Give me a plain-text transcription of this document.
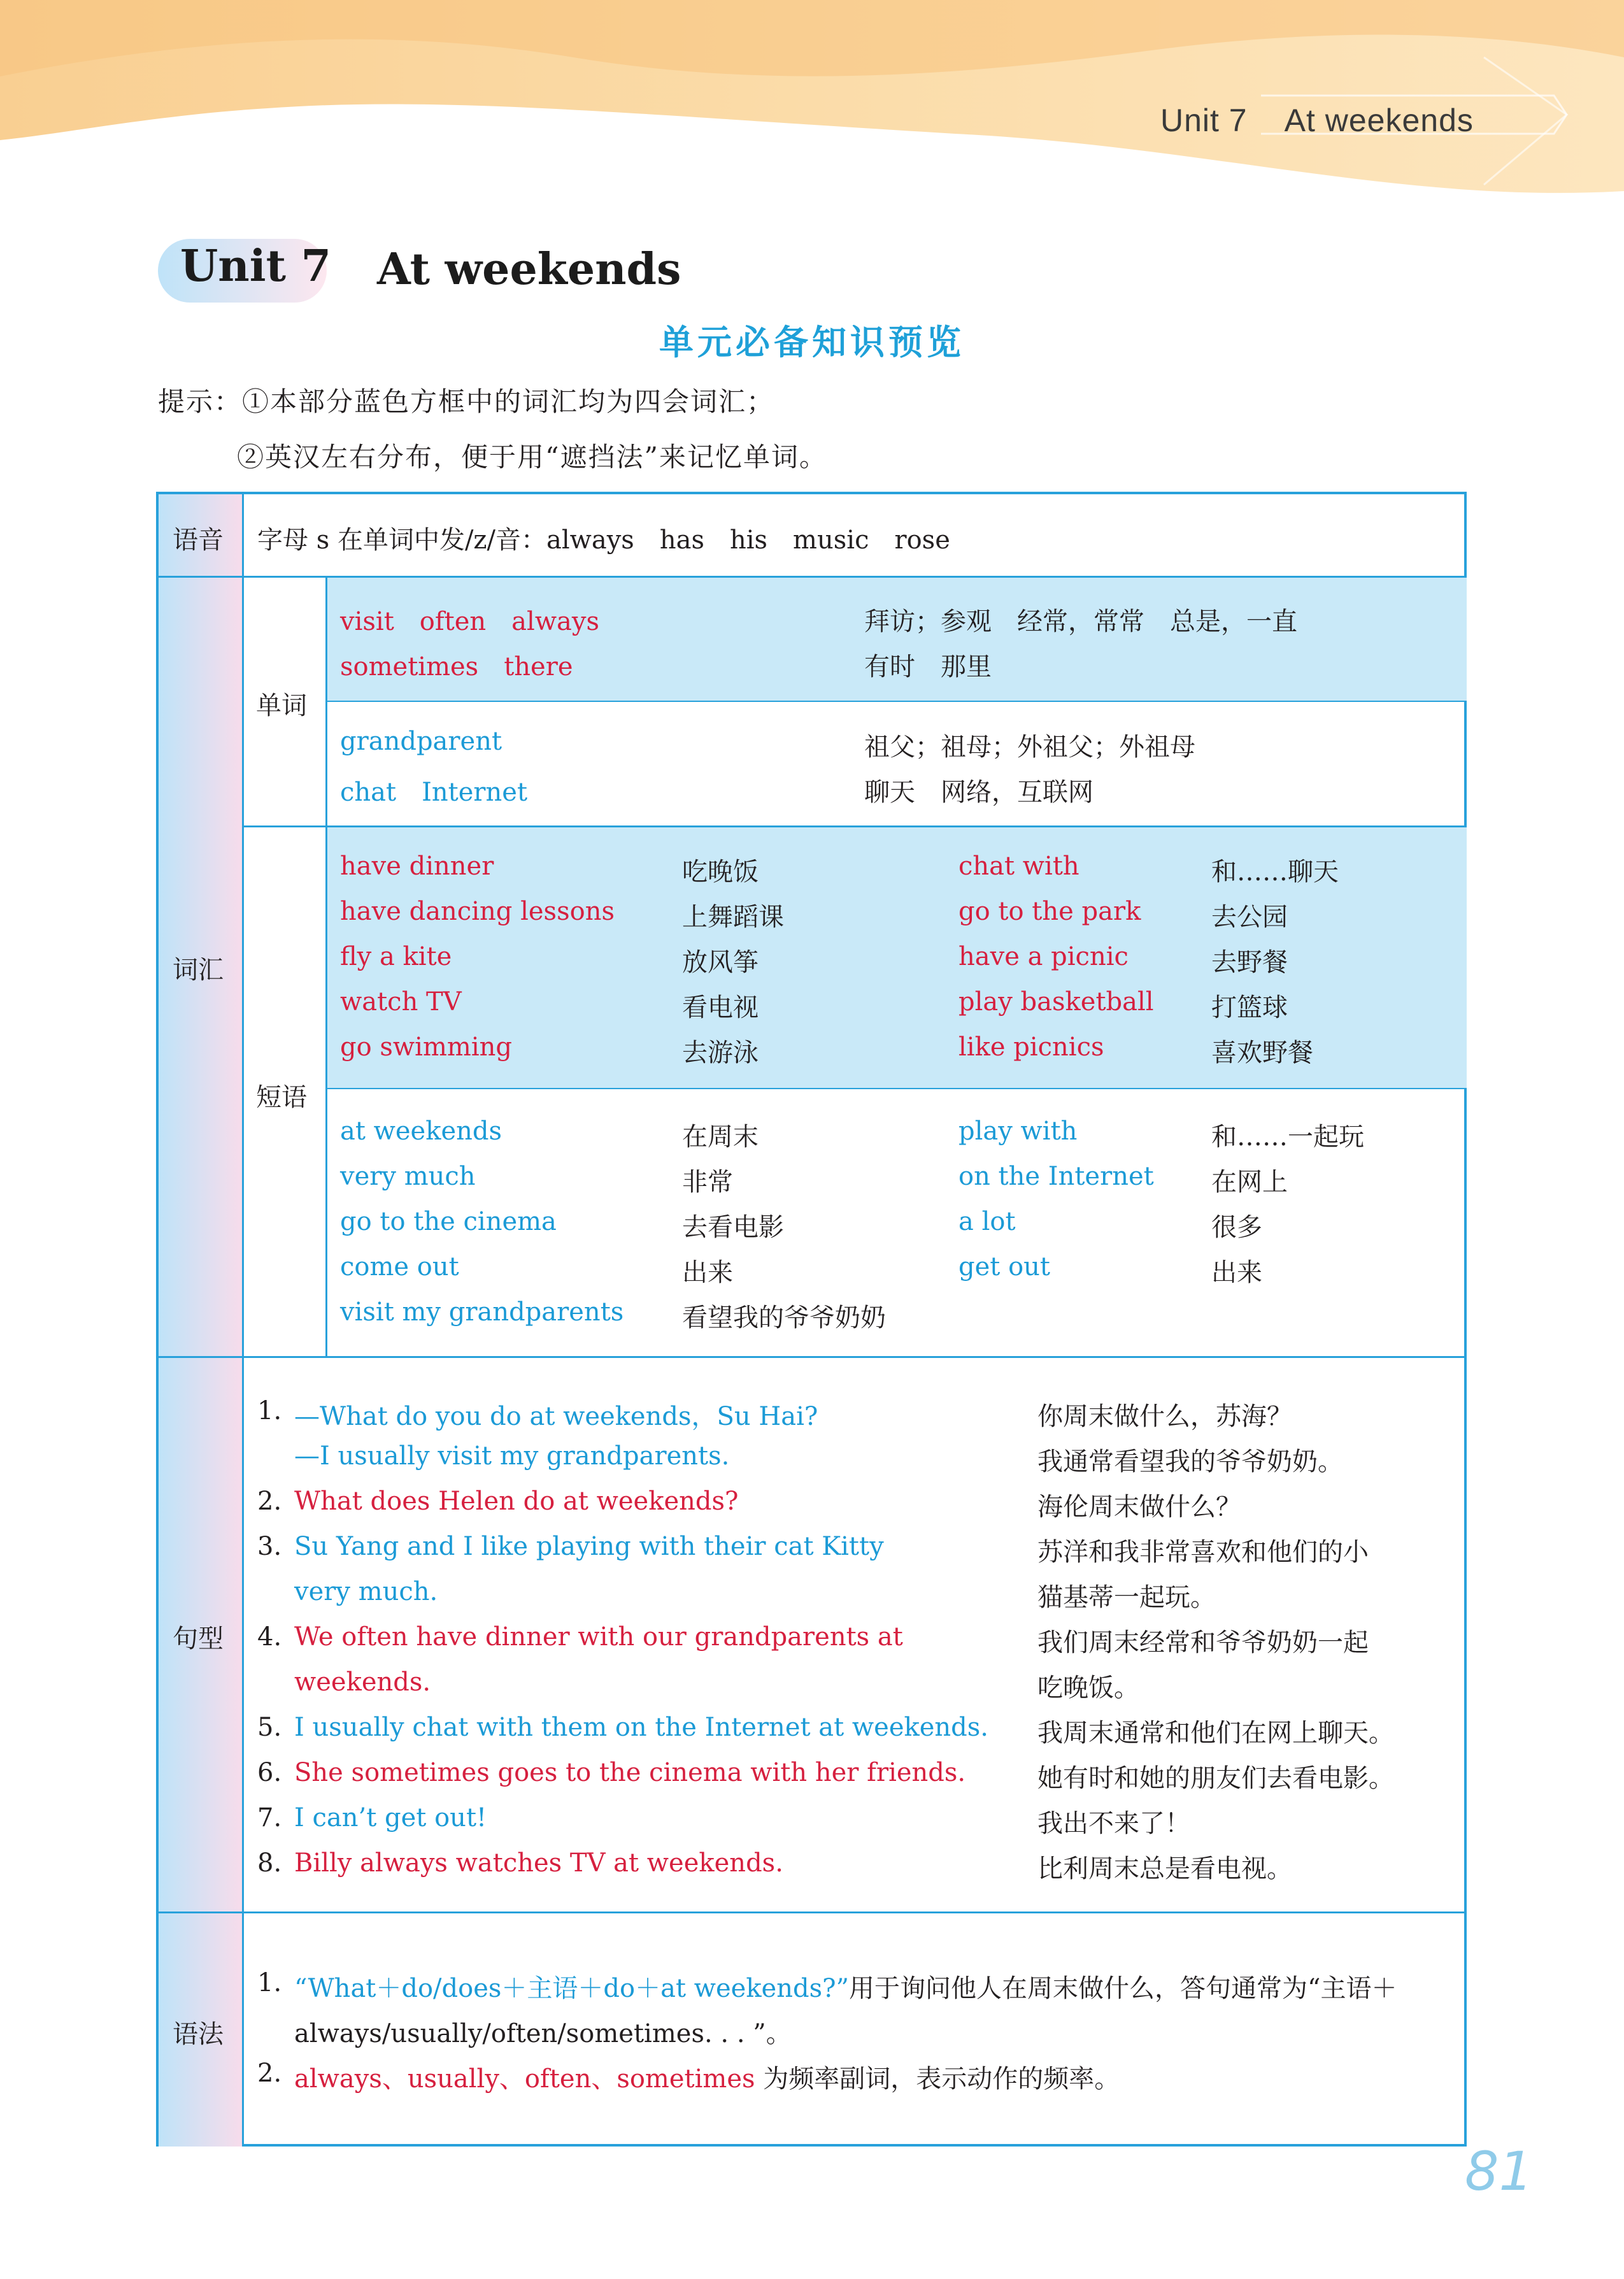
Unit 7 At weekends
Unit 7 At weekends
单元必备知识预览
提示：①本部分蓝色方框中的词汇均为四会词汇；
②英汉左右分布，便于用“遮挡法”来记忆单词。
语音
词汇
单词
短语
句型
语法
字母 s 在单词中发/z/音：always　has　his　music　rose
visit　often　always	拜访；参观　经常，常常　总是，一直
sometimes　there	有时　那里
grandparent	祖父；祖母；外祖父；外祖母
chat　Internet	聊天　网络，互联网
have dinner	吃晚饭	chat with	和……聊天
have dancing lessons	上舞蹈课	go to the park	去公园
fly a kite	放风筝	have a picnic	去野餐
watch TV	看电视	play basketball 打篮球
go swimming	去游泳	like picnics	喜欢野餐
at weekends	在周末	play with	和……一起玩
very much	非常	on the Internet 在网上
go to the cinema	去看电影	a lot	很多
come out	出来	get out	出来
visit my grandparents 看望我的爷爷奶奶
1. —What do you do at weekends，Su Hai?	你周末做什么，苏海？
—I usually visit my grandparents.	我通常看望我的爷爷奶奶。
2. What does Helen do at weekends?	海伦周末做什么？
3. Su Yang and I like playing with their cat Kitty	苏洋和我非常喜欢和他们的小
very much.	猫基蒂一起玩。
4. We often have dinner with our grandparents at	我们周末经常和爷爷奶奶一起
weekends.	吃晚饭。
5. I usually chat with them on the Internet at weekends. 我周末通常和他们在网上聊天。
6. She sometimes goes to the cinema with her friends.	她有时和她的朋友们去看电影。
7. I can’t get out!	我出不来了！
8. Billy always watches TV at weekends.	比利周末总是看电视。
1. “What＋do/does＋主语＋do＋at weekends?”用于询问他人在周末做什么，答句通常为“主语＋
always/usually/often/sometimes. . . ”。
2. always、usually、often、sometimes 为频率副词，表示动作的频率。
81
